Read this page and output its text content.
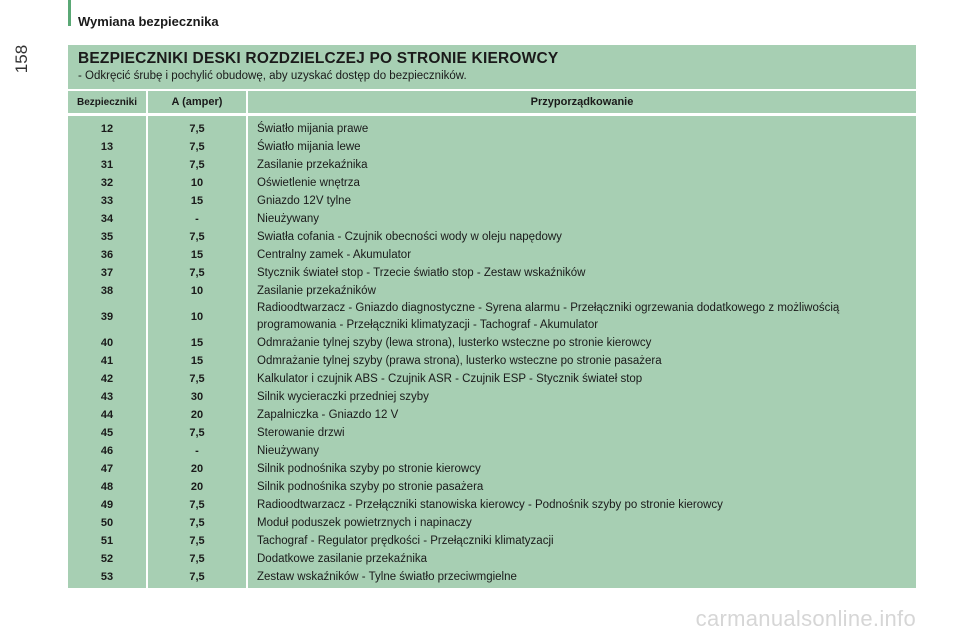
158
Wymiana bezpiecznika
BEZPIECZNIKI DESKI ROZDZIELCZEJ PO STRONIE KIEROWCY
- Odkręcić śrubę i pochylić obudowę, aby uzyskać dostęp do bezpieczników.
Bezpieczniki	A (amper)	Przyporządkowanie
12	7,5	Światło mijania prawe
13	7,5	Światło mijania lewe
31	7,5	Zasilanie przekaźnika
32	10	Oświetlenie wnętrza
33	15	Gniazdo 12V tylne
34	-	Nieużywany
35	7,5	Swiatła cofania - Czujnik obecności wody w oleju napędowy
36	15	Centralny zamek - Akumulator
37	7,5	Stycznik świateł stop - Trzecie światło stop - Zestaw wskaźników
38	10	Zasilanie przekaźników
39	10	Radioodtwarzacz - Gniazdo diagnostyczne - Syrena alarmu - Przełączniki ogrzewania dodatkowego z możliwością programowania - Przełączniki klimatyzacji - Tachograf - Akumulator
40	15	Odmrażanie tylnej szyby (lewa strona), lusterko wsteczne po stronie kierowcy
41	15	Odmrażanie tylnej szyby (prawa strona), lusterko wsteczne po stronie pasażera
42	7,5	Kalkulator i czujnik ABS - Czujnik ASR - Czujnik ESP - Stycznik świateł stop
43	30	Silnik wycieraczki przedniej szyby
44	20	Zapalniczka - Gniazdo 12 V
45	7,5	Sterowanie drzwi
46	-	Nieużywany
47	20	Silnik podnośnika szyby po stronie kierowcy
48	20	Silnik podnośnika szyby po stronie pasażera
49	7,5	Radioodtwarzacz - Przełączniki stanowiska kierowcy - Podnośnik szyby po stronie kierowcy
50	7,5	Moduł poduszek powietrznych i napinaczy
51	7,5	Tachograf - Regulator prędkości - Przełączniki klimatyzacji
52	7,5	Dodatkowe zasilanie przekaźnika
53	7,5	Zestaw wskaźników - Tylne światło przeciwmgielne
carmanualsonline.info
